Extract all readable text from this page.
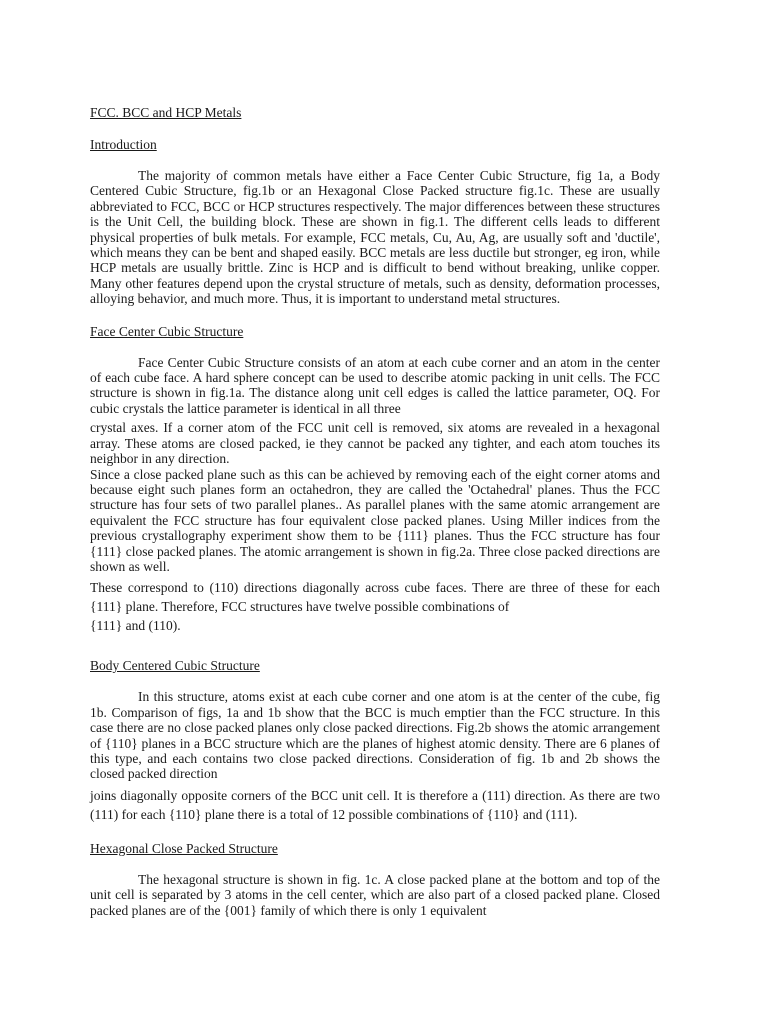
FCC. BCC and HCP Metals
Introduction

The majority of common metals have either a Face Center Cubic Structure, fig 1a, a Body Centered Cubic Structure, fig.1b or an Hexagonal Close Packed structure fig.1c. These are usually abbreviated to FCC, BCC or HCP structures respectively. The major differences between these structures is the Unit Cell, the building block. These are shown in fig.1. The different cells leads to different physical properties of bulk metals. For example, FCC metals, Cu, Au, Ag, are usually soft and 'ductile', which means they can be bent and shaped easily. BCC metals are less ductile but stronger, eg iron, while HCP metals are usually brittle. Zinc is HCP and is difficult to bend without breaking, unlike copper. Many other features depend upon the crystal structure of metals, such as density, deformation processes, alloying behavior, and much more. Thus, it is important to understand metal structures.

Face Center Cubic Structure

Face Center Cubic Structure consists of an atom at each cube corner and an atom in the center of each cube face. A hard sphere concept can be used to describe atomic packing in unit cells. The FCC structure is shown in fig.1a. The distance along unit cell edges is called the lattice parameter, OQ. For cubic crystals the lattice parameter is identical in all three

crystal axes. If a corner atom of the FCC unit cell is removed, six atoms are revealed in a hexagonal array. These atoms are closed packed, ie they cannot be packed any tighter, and each atom touches its neighbor in any direction.

Since a close packed plane such as this can be achieved by removing each of the eight corner atoms and because eight such planes form an octahedron, they are called the 'Octahedral' planes. Thus the FCC structure has four sets of two parallel planes.. As parallel planes with the same atomic arrangement are equivalent the FCC structure has four equivalent close packed planes. Using Miller indices from the previous crystallography experiment show them to be {111} planes. Thus the FCC structure has four {111} close packed planes. The atomic arrangement is shown in fig.2a. Three close packed directions are shown as well.

These correspond to (110) directions diagonally across cube faces. There are three of these for each {111} plane. Therefore, FCC structures have twelve possible combinations of

{111} and (110).

Body Centered Cubic Structure

In this structure, atoms exist at each cube corner and one atom is at the center of the cube, fig 1b. Comparison of figs, 1a and 1b show that the BCC is much emptier than the FCC structure. In this case there are no close packed planes only close packed directions. Fig.2b shows the atomic arrangement of {110} planes in a BCC structure which are the planes of highest atomic density. There are 6 planes of this type, and each contains two close packed directions. Consideration of fig. 1b and 2b shows the closed packed direction

joins diagonally opposite corners of the BCC unit cell. It is therefore a (111) direction. As there are two (111) for each {110} plane there is a total of 12 possible combinations of {110} and (111).

Hexagonal Close Packed Structure

The hexagonal structure is shown in fig. 1c. A close packed plane at the bottom and top of the unit cell is separated by 3 atoms in the cell center, which are also part of a closed packed plane. Closed packed planes are of the {001} family of which there is only 1 equivalent
